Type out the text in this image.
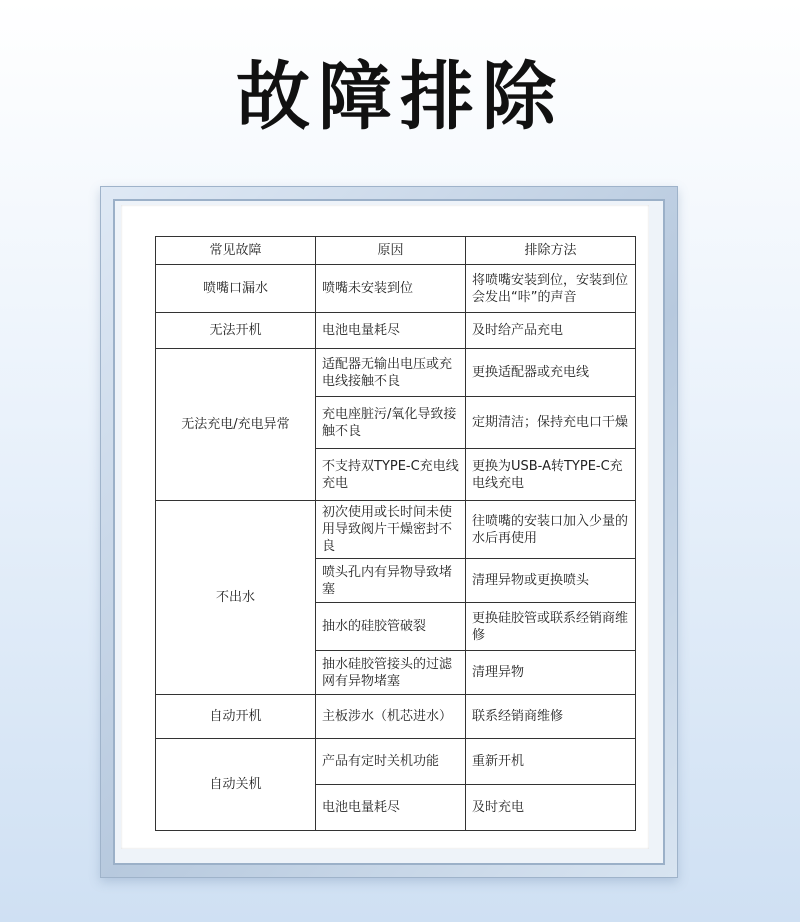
故障排除
常见故障	原因	排除方法
喷嘴口漏水	喷嘴未安装到位	将喷嘴安装到位，安装到位会发出“咔”的声音
无法开机	电池电量耗尽	及时给产品充电
无法充电/充电异常	适配器无输出电压或充电线接触不良	更换适配器或充电线
	充电座脏污/氧化导致接触不良	定期清洁；保持充电口干燥
	不支持双TYPE-C充电线充电	更换为USB-A转TYPE-C充电线充电
不出水	初次使用或长时间未使用导致阀片干燥密封不良	往喷嘴的安装口加入少量的水后再使用
	喷头孔内有异物导致堵塞	清理异物或更换喷头
	抽水的硅胶管破裂	更换硅胶管或联系经销商维修
	抽水硅胶管接头的过滤网有异物堵塞	清理异物
自动开机	主板涉水（机芯进水）	联系经销商维修
自动关机	产品有定时关机功能	重新开机
	电池电量耗尽	及时充电
